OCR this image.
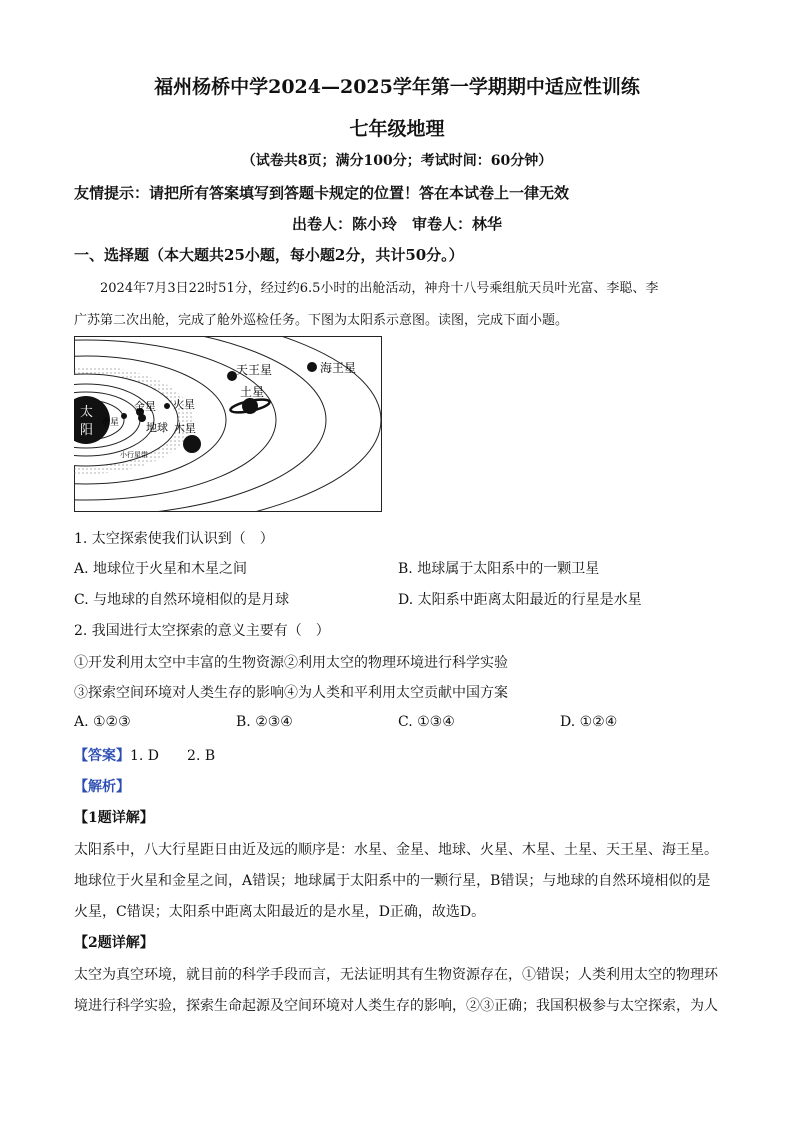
福州杨桥中学2024—2025学年第一学期期中适应性训练
七年级地理
（试卷共8页；满分100分；考试时间：60分钟）
友情提示：请把所有答案填写到答题卡规定的位置！答在本试卷上一律无效
出卷人：陈小玲　审卷人：林华
一、选择题（本大题共25小题，每小题2分，共计50分。）
2024年7月3日22时51分，经过约6.5小时的出舱活动，神舟十八号乘组航天员叶光富、李聪、李
广苏第二次出舱，完成了舱外巡检任务。下图为太阳系示意图。读图，完成下面小题。
太
阳 水星
金星
地球
火星
木星
小行星带
土星
天王星	海王星
1. 太空探索使我们认识到（　）
A. 地球位于火星和木星之间	B. 地球属于太阳系中的一颗卫星
C. 与地球的自然环境相似的是月球	D. 太阳系中距离太阳最近的行星是水星
2. 我国进行太空探索的意义主要有（　）
①开发利用太空中丰富的生物资源②利用太空的物理环境进行科学实验
③探索空间环境对人类生存的影响④为人类和平利用太空贡献中国方案
A. ①②③	B. ②③④	C. ①③④	D. ①②④
【答案】1. D　　2. B
【解析】
【1题详解】
太阳系中，八大行星距日由近及远的顺序是：水星、金星、地球、火星、木星、土星、天王星、海王星。
地球位于火星和金星之间，A错误；地球属于太阳系中的一颗行星，B错误；与地球的自然环境相似的是
火星，C错误；太阳系中距离太阳最近的是水星，D正确，故选D。
【2题详解】
太空为真空环境，就目前的科学手段而言，无法证明其有生物资源存在，①错误；人类利用太空的物理环
境进行科学实验，探索生命起源及空间环境对人类生存的影响，②③正确；我国积极参与太空探索，为人
